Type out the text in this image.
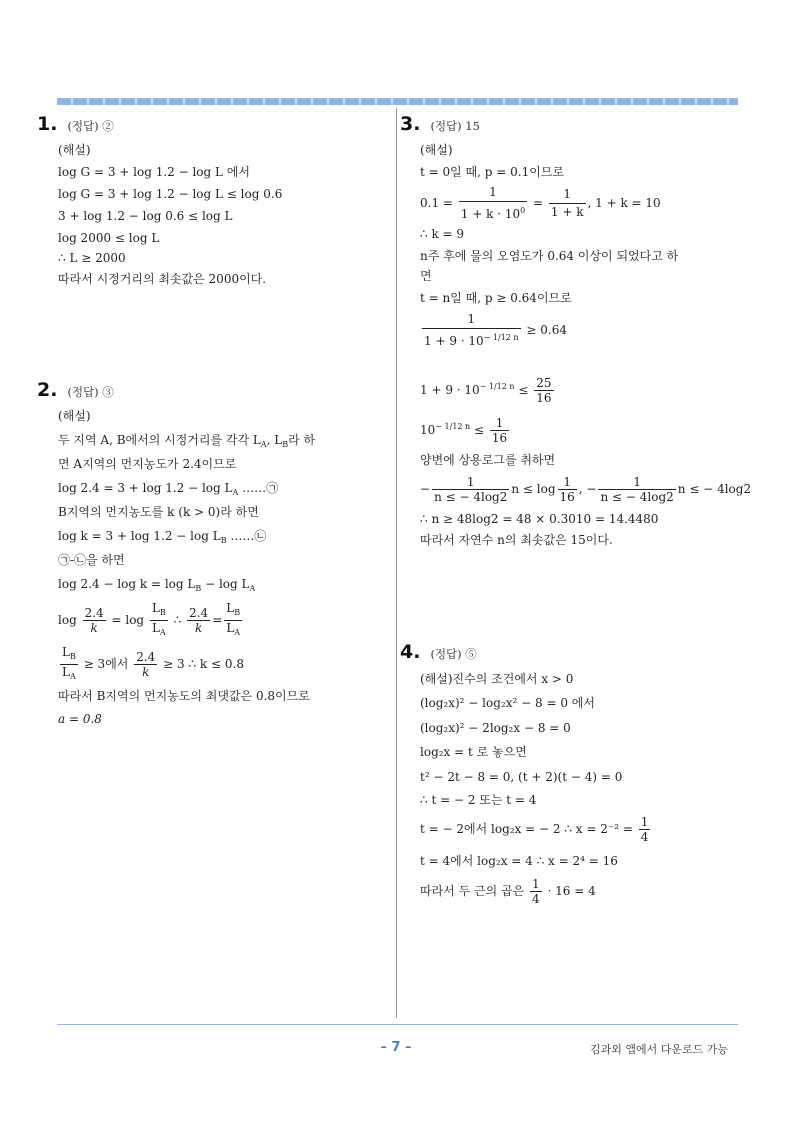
1. (정답) ②
(해설)
log G = 3 + log 1.2 − log L 에서
log G = 3 + log 1.2 − log L ≤ log 0.6
3 + log 1.2 − log 0.6 ≤ log L
log 2000 ≤ log L
∴ L ≥ 2000
따라서 시정거리의 최솟값은 2000이다.
2. (정답) ③
(해설)
두 지역 A, B에서의 시정거리를 각각 $L_A$, $L_B$라 하
면 A지역의 먼지농도가 2.4이므로
$\log 2.4 = 3 + \log 1.2 - \log L_A$ ……㉠
B지역의 먼지농도를 k (k > 0)라 하면
$\log k = 3 + \log 1.2 - \log L_B$ ……㉡
㉠-㉡을 하면
$\log 2.4 - \log k = \log L_B - \log L_A$
$\log \frac{2.4}{k} = \log \frac{L_B}{L_A}$ ∴ $\frac{2.4}{k} = \frac{L_B}{L_A}$
$\frac{L_B}{L_A} \ge 3$에서 $\frac{2.4}{k} \ge 3$ ∴ k ≤ 0.8
따라서 B지역의 먼지농도의 최댓값은 0.8이므로
a = 0.8
3. (정답) 15
(해설)
t = 0일 때, p = 0.1이므로
$0.1 = \frac{1}{1 + k \cdot 10^0} = \frac{1}{1 + k}$ , 1 + k = 10
∴ k = 9
n주 후에 물의 오염도가 0.64 이상이 되었다고 하
면
t = n일 때, p ≥ 0.64이므로
$\frac{1}{1 + 9 \cdot 10^{- 1/12 n}} \ge 0.64$
$1 + 9 \cdot 10^{- 1/12 n} \le \frac{25}{16}$
$10^{- 1/12 n} \le \frac{1}{16}$
양변에 상용로그를 취하면
− $\frac{1}{n \le - 4\log 2}$ $n \le \log \frac{1}{16}$ , − $\frac{1}{n \le - 4\log 2}$ n ≤ − 4log2
∴ n ≥ 48log2 = 48 × 0.3010 = 14.4480
따라서 자연수 n의 최솟값은 15이다.
4. (정답) ⑤
(해설)진수의 조건에서 x > 0
(log₂x)² − log₂x² − 8 = 0 에서
(log₂x)² − 2log₂x − 8 = 0
log₂x = t 로 놓으면
t² − 2t − 8 = 0, (t + 2)(t − 4) = 0
∴ t = − 2 또는 t = 4
t = − 2에서 log₂x = − 2 ∴ $x = 2^{-2} = \frac{1}{4}$
t = 4에서 log₂x = 4 ∴ x = 2⁴ = 16
따라서 두 근의 곱은 $\frac{1}{4} \cdot 16 = 4$
– 7 –	김과외 앱에서 다운로드 가능
